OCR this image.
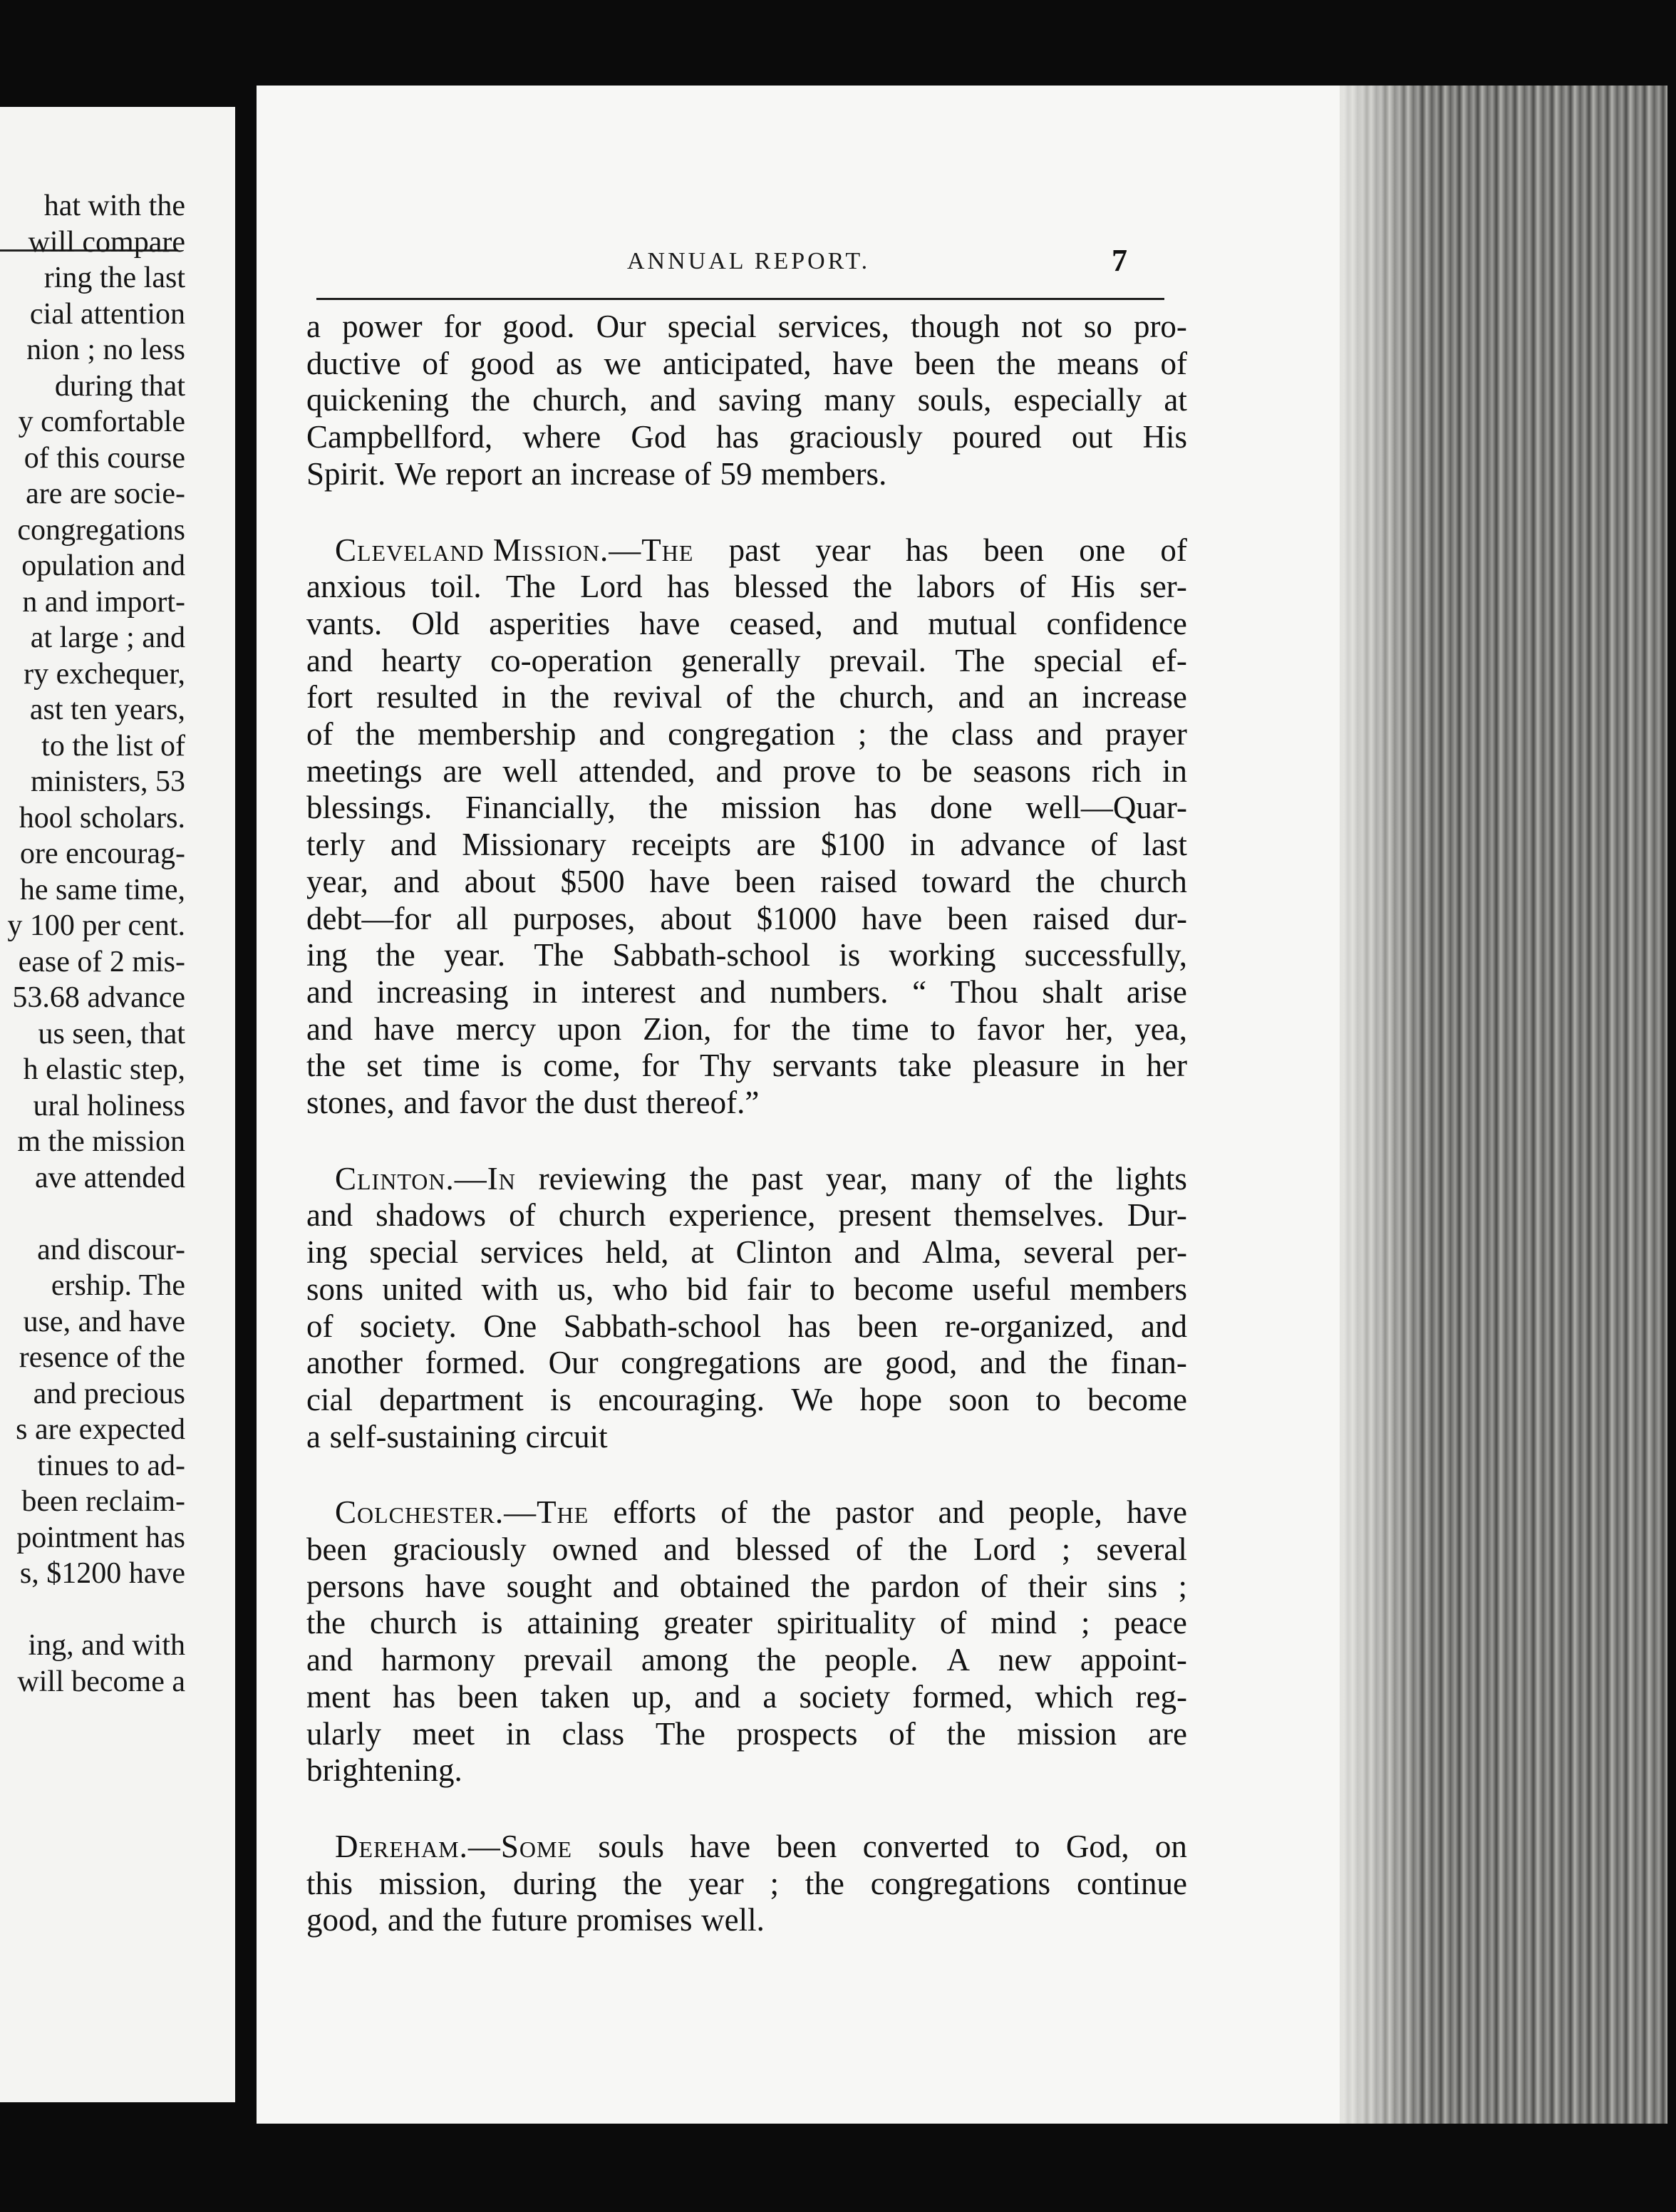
hat with the
will compare
ring the last
cial attention
nion ; no less
during that
y comfortable
of this course
are are socie-
congregations
opulation and
n and import-
at large ; and
ry exchequer,
ast ten years,
to the list of
ministers, 53
hool scholars.
ore encourag-
he same time,
y 100 per cent.
ease of 2 mis-
53.68 advance
us seen, that
h elastic step,
ural holiness
m the mission
ave attended
and discour-
ership. The
use, and have
resence of the
and precious
s are expected
tinues to ad-
been reclaim-
pointment has
s, $1200 have
ing, and with
will become a
ANNUAL REPORT.	7
a power for good. Our special services, though not so pro-
ductive of good as we anticipated, have been the means of
quickening the church, and saving many souls, especially at
Campbellford, where God has graciously poured out His
Spirit. We report an increase of 59 members.
Cleveland Mission.—The past year has been one of
anxious toil. The Lord has blessed the labors of His ser-
vants. Old asperities have ceased, and mutual confidence
and hearty co-operation generally prevail. The special ef-
fort resulted in the revival of the church, and an increase
of the membership and congregation ; the class and prayer
meetings are well attended, and prove to be seasons rich in
blessings. Financially, the mission has done well—Quar-
terly and Missionary receipts are $100 in advance of last
year, and about $500 have been raised toward the church
debt—for all purposes, about $1000 have been raised dur-
ing the year. The Sabbath-school is working successfully,
and increasing in interest and numbers. “ Thou shalt arise
and have mercy upon Zion, for the time to favor her, yea,
the set time is come, for Thy servants take pleasure in her
stones, and favor the dust thereof.”
Clinton.—In reviewing the past year, many of the lights
and shadows of church experience, present themselves. Dur-
ing special services held, at Clinton and Alma, several per-
sons united with us, who bid fair to become useful members
of society. One Sabbath-school has been re-organized, and
another formed. Our congregations are good, and the finan-
cial department is encouraging. We hope soon to become
a self-sustaining circuit
Colchester.—The efforts of the pastor and people, have
been graciously owned and blessed of the Lord ; several
persons have sought and obtained the pardon of their sins ;
the church is attaining greater spirituality of mind ; peace
and harmony prevail among the people. A new appoint-
ment has been taken up, and a society formed, which reg-
ularly meet in class The prospects of the mission are
brightening.
Dereham.—Some souls have been converted to God, on
this mission, during the year ; the congregations continue
good, and the future promises well.
